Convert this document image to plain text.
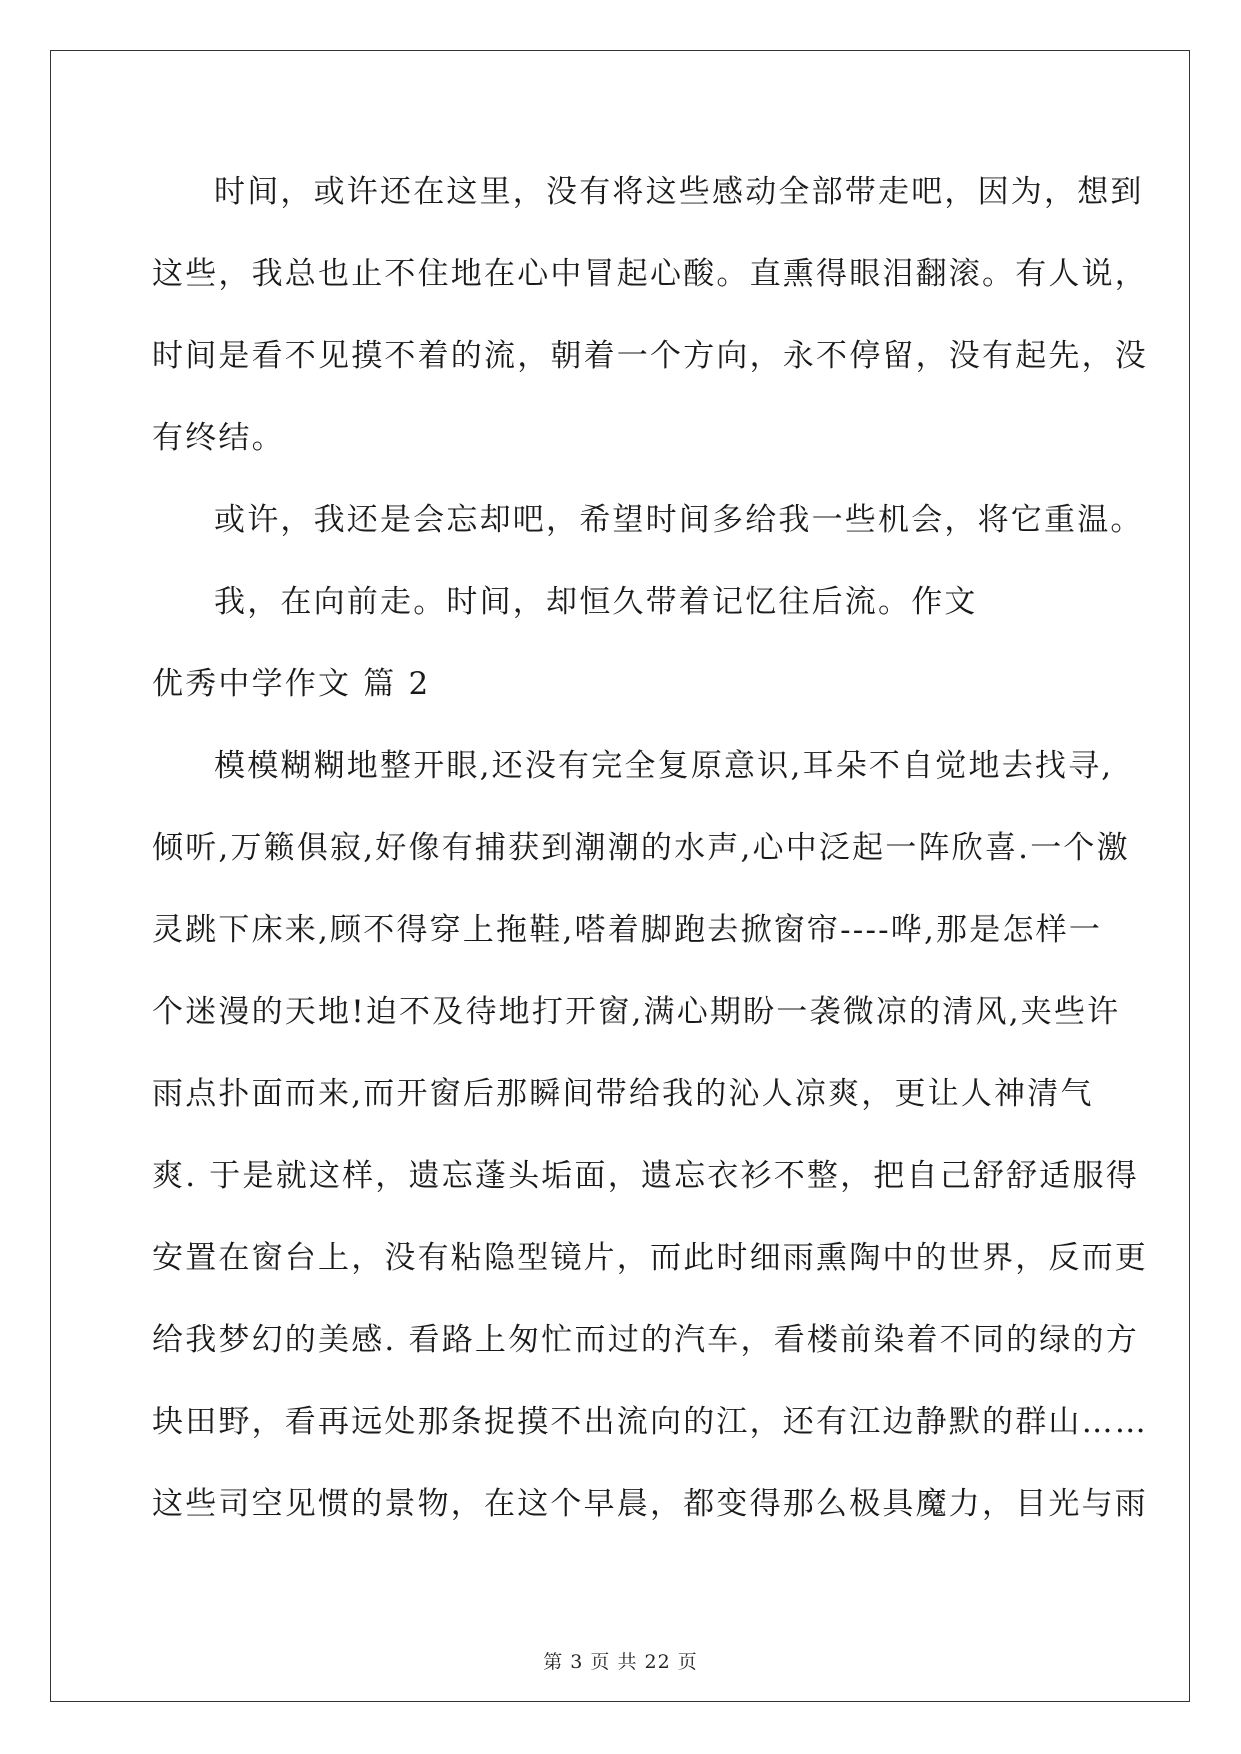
时间，或许还在这里，没有将这些感动全部带走吧，因为，想到
这些，我总也止不住地在心中冒起心酸。直熏得眼泪翻滚。有人说，
时间是看不见摸不着的流，朝着一个方向，永不停留，没有起先，没
有终结。
或许，我还是会忘却吧，希望时间多给我一些机会，将它重温。
我，在向前走。时间，却恒久带着记忆往后流。作文
优秀中学作文 篇 2
模模糊糊地整开眼,还没有完全复原意识,耳朵不自觉地去找寻,
倾听,万籁俱寂,好像有捕获到潮潮的水声,心中泛起一阵欣喜.一个激
灵跳下床来,顾不得穿上拖鞋,嗒着脚跑去掀窗帘----哗,那是怎样一
个迷漫的天地!迫不及待地打开窗,满心期盼一袭微凉的清风,夹些许
雨点扑面而来,而开窗后那瞬间带给我的沁人凉爽，更让人神清气
爽. 于是就这样，遗忘蓬头垢面，遗忘衣衫不整，把自己舒舒适服得
安置在窗台上，没有粘隐型镜片，而此时细雨熏陶中的世界，反而更
给我梦幻的美感. 看路上匆忙而过的汽车，看楼前染着不同的绿的方
块田野，看再远处那条捉摸不出流向的江，还有江边静默的群山……
这些司空见惯的景物，在这个早晨，都变得那么极具魔力，目光与雨
第 3 页 共 22 页
